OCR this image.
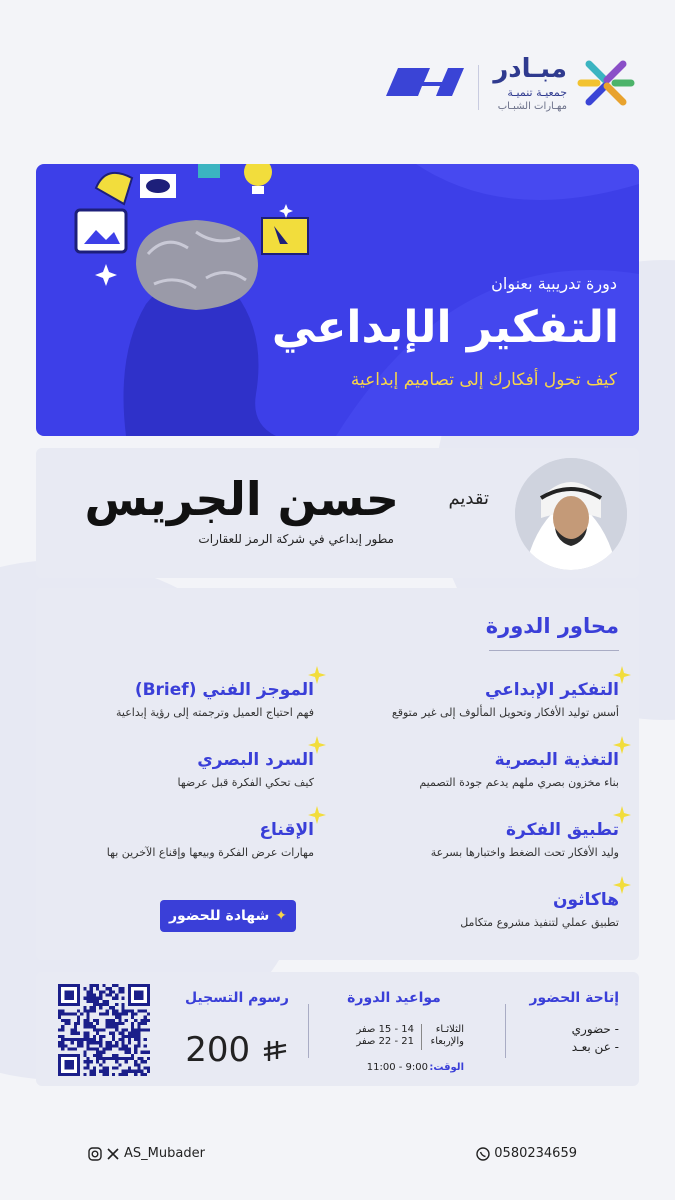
مبـادر
جمعيـة تنميـة
مهـارات الشبـاب
دورة تدريبية بعنوان
التفكير الإبداعي
كيف تحول أفكارك إلى تصاميم إبداعية
تقديم
حسن الجريس
مطور إبداعي في شركة الرمز للعقارات
محاور الدورة
التفكير الإبداعي
أسس توليد الأفكار وتحويل المألوف إلى غير متوقع
الموجز الفني (Brief)
فهم احتياج العميل وترجمته إلى رؤية إبداعية
التغذية البصرية
بناء مخزون بصري ملهم يدعم جودة التصميم
السرد البصري
كيف تحكي الفكرة قبل عرضها
تطبيق الفكرة
وليد الأفكار تحت الضغط واختبارها بسرعة
الإقناع
مهارات عرض الفكرة وبيعها وإقناع الآخرين بها
هاكاثون
تطبيق عملي لتنفيذ مشروع متكامل
✦
شهادة للحضور
إتاحة الحضور
- حضوري
- عن بعـد
مواعيد الدورة
الثلاثـاء
والإربعاء
14 - 15 صفر
21 - 22 صفر
الوقت:
9:00 - 11:00
رسوم التسجيل
200
0580234659
AS_Mubader
